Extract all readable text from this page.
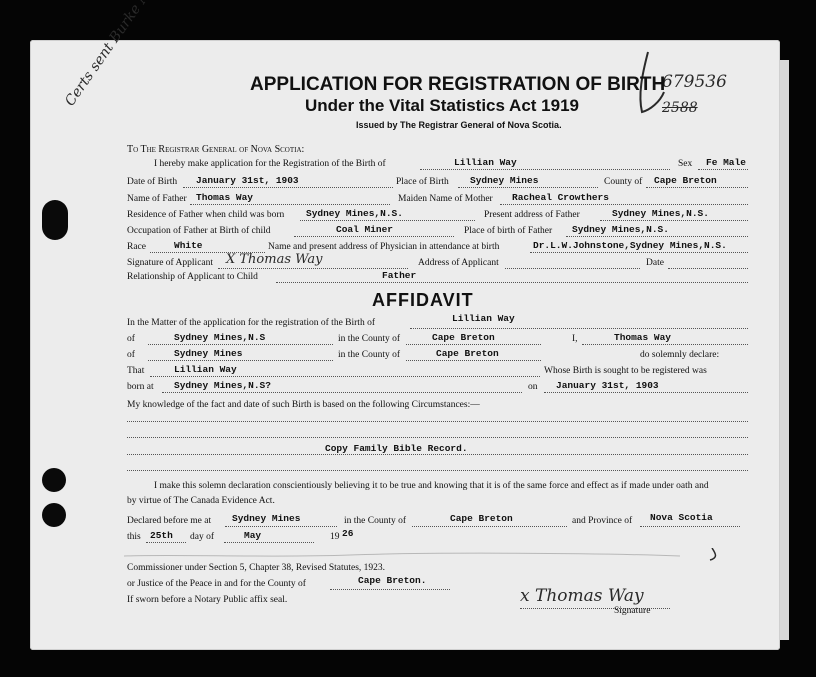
679536
2588
APPLICATION FOR REGISTRATION OF BIRTH
Under the Vital Statistics Act 1919
Issued by The Registrar General of Nova Scotia.
To The Registrar General of Nova Scotia:
I hereby make application for the Registration of the Birth of	Lillian Way	Sex Fe Male
Date of Birth January 31st, 1903	Place of Birth Sydney Mines	County of Cape Breton
Name of Father Thomas Way	Maiden Name of Mother Racheal Crowthers
Residence of Father when child was born Sydney Mines,N.S.	Present address of Father	Sydney Mines,N.S.
Occupation of Father at Birth of child	Coal Miner	Place of birth of Father Sydney Mines,N.S.
Race	White	Name and present address of Physician in attendance at birth	Dr.L.W.Johnstone,Sydney Mines,N.S.
Signature of Applicant X Thomas Way	Address of Applicant	Date
Relationship of Applicant to Child	Father
AFFIDAVIT
In the Matter of the application for the registration of the Birth of	Lillian Way
of	Sydney Mines,N.S	in the County of	Cape Breton	I,	Thomas Way
of	Sydney Mines	in the County of	Cape Breton	do solemnly declare:
That	Lillian Way	Whose Birth is sought to be registered was
born at Sydney Mines,N.S?	on January 31st, 1903
My knowledge of the fact and date of such Birth is based on the following Circumstances:—
Copy Family Bible Record.
I make this solemn declaration conscientiously believing it to be true and knowing that it is of the same force and effect as if made under oath and
by virtue of The Canada Evidence Act.
Declared before me at Sydney Mines	in the County of	Cape Breton	and Province of Nova Scotia
this 25th day of	May	19 26
Commissioner under Section 5, Chapter 38, Revised Statutes, 1923.
or Justice of the Peace in and for the County of	Cape Breton.
If sworn before a Notary Public affix seal.	x Thomas Way
Signature
